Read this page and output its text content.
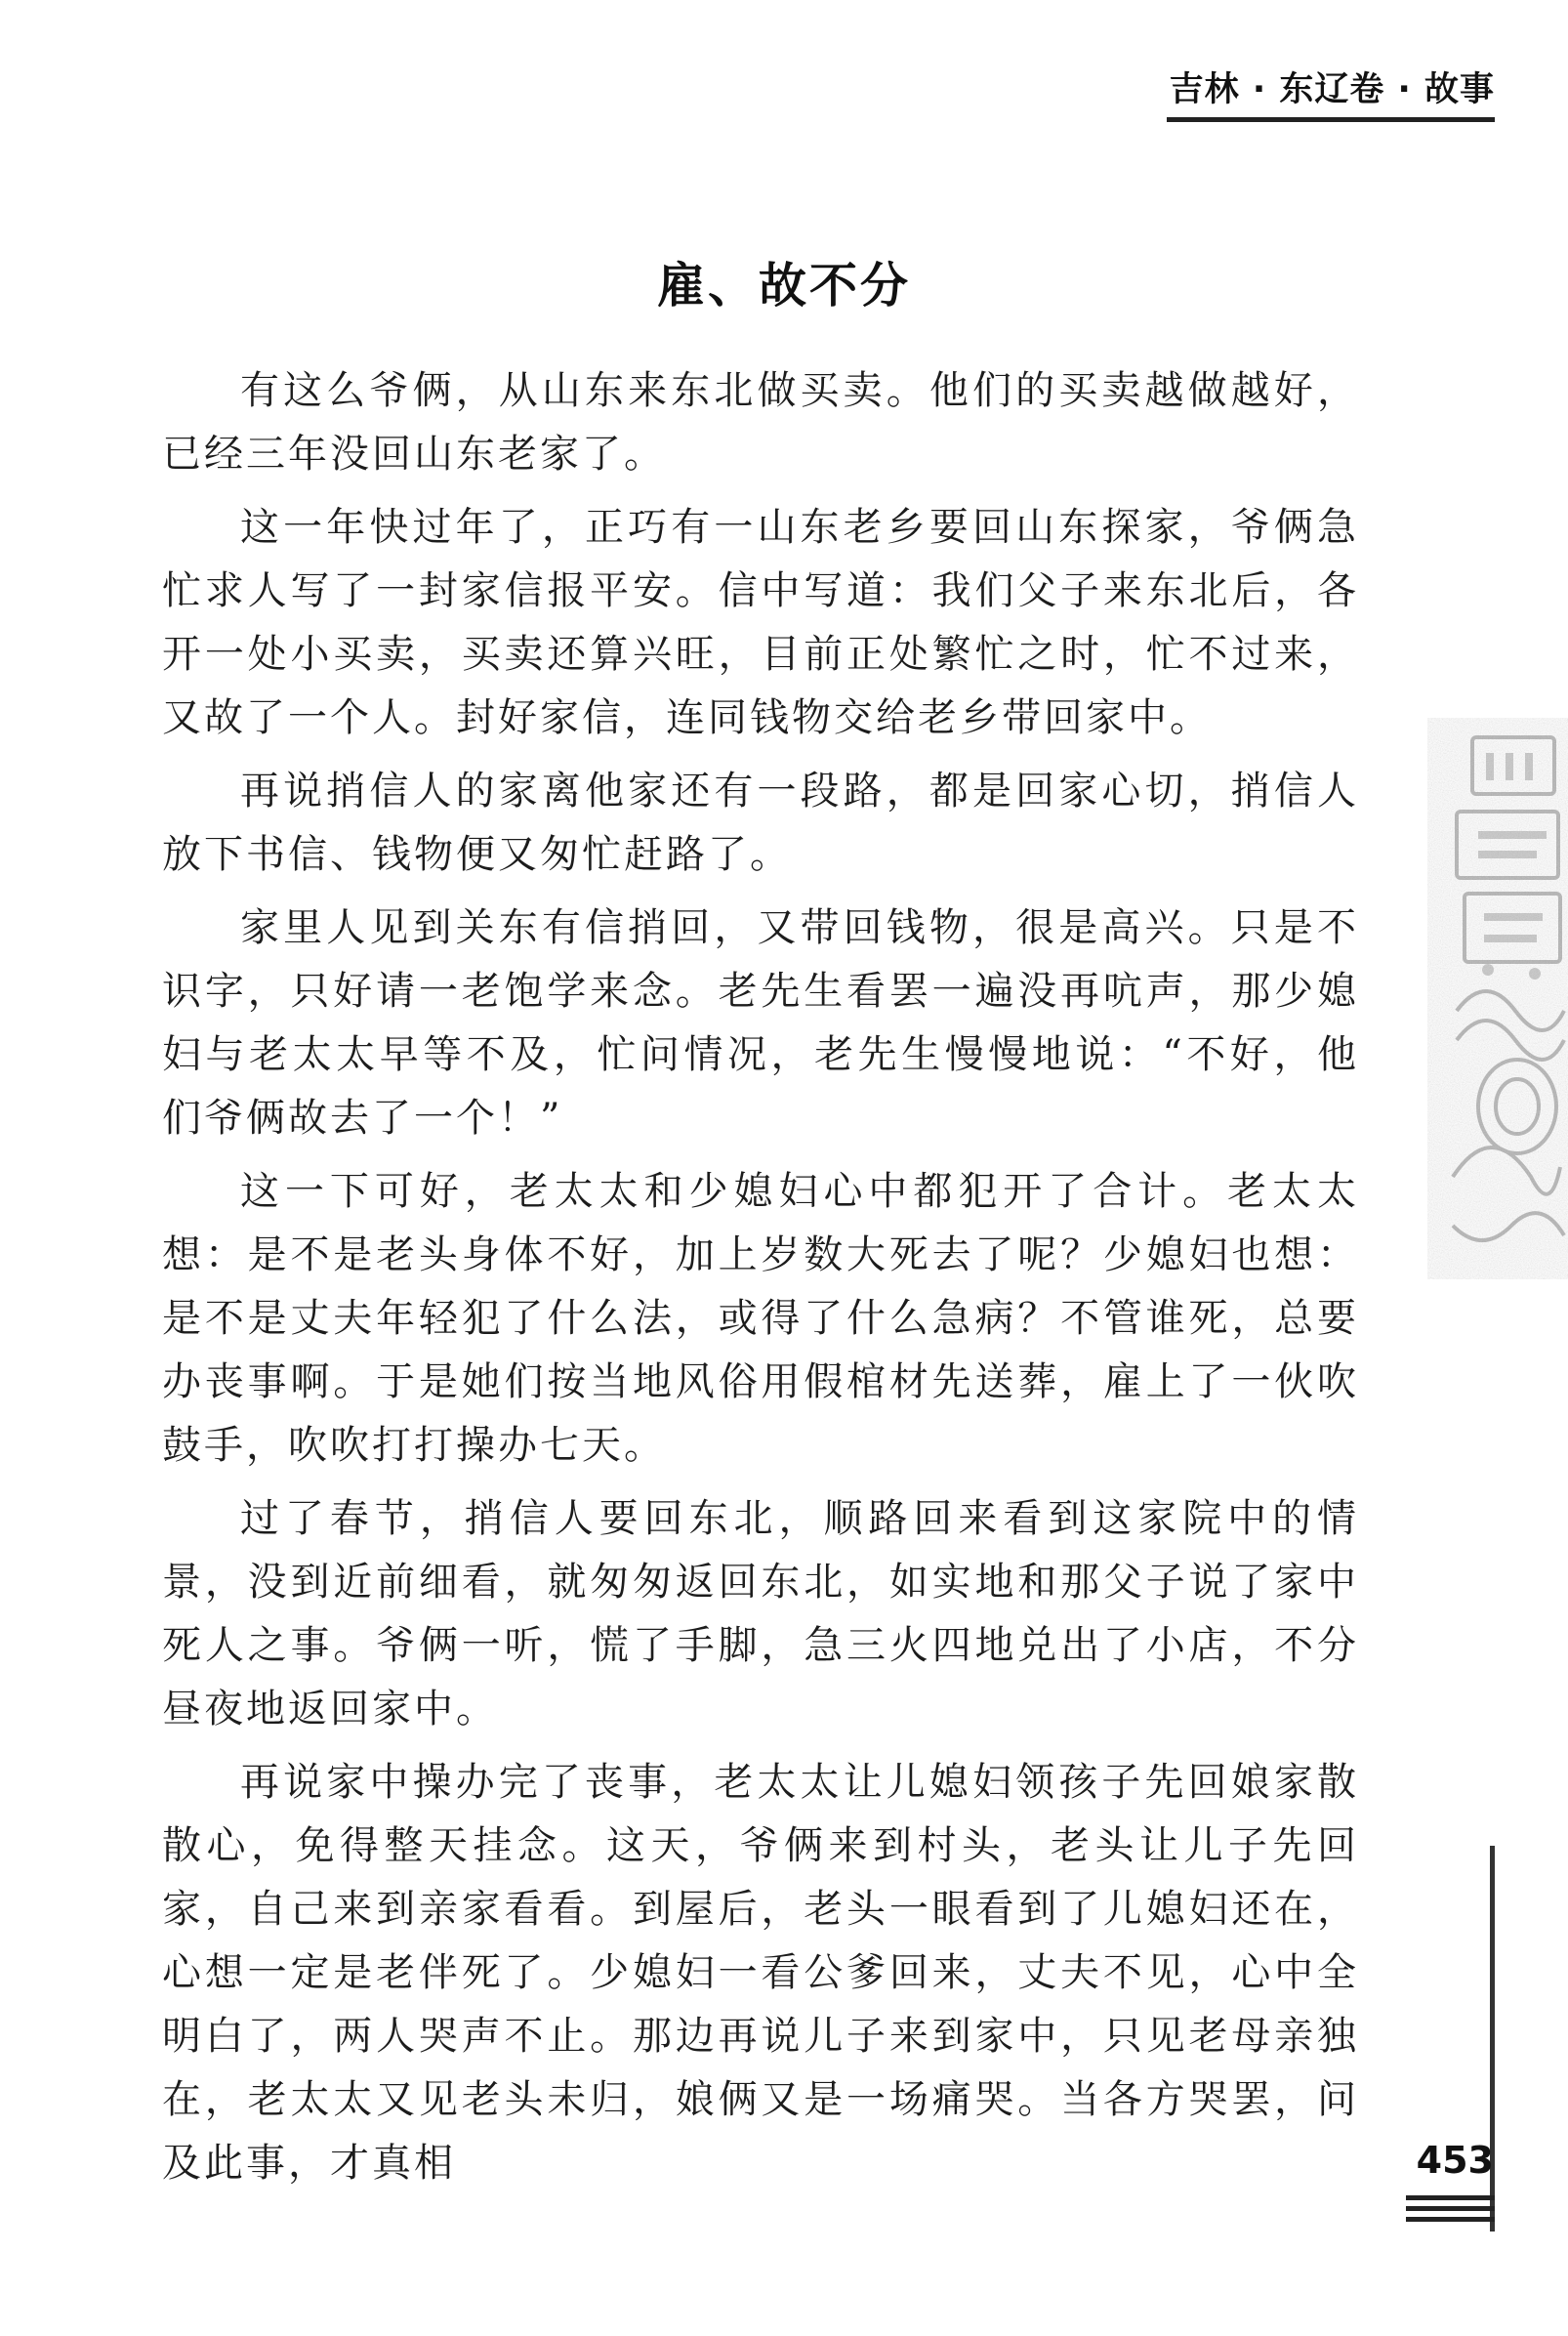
吉林 · 东辽卷 · 故事
雇、故不分

有这么爷俩，从山东来东北做买卖。他们的买卖越做越好，已经三年没回山东老家了。

这一年快过年了，正巧有一山东老乡要回山东探家，爷俩急忙求人写了一封家信报平安。信中写道：我们父子来东北后，各开一处小买卖，买卖还算兴旺，目前正处繁忙之时，忙不过来，又故了一个人。封好家信，连同钱物交给老乡带回家中。

再说捎信人的家离他家还有一段路，都是回家心切，捎信人放下书信、钱物便又匆忙赶路了。

家里人见到关东有信捎回，又带回钱物，很是高兴。只是不识字，只好请一老饱学来念。老先生看罢一遍没再吭声，那少媳妇与老太太早等不及，忙问情况，老先生慢慢地说：“不好，他们爷俩故去了一个！”

这一下可好，老太太和少媳妇心中都犯开了合计。老太太想：是不是老头身体不好，加上岁数大死去了呢？少媳妇也想：是不是丈夫年轻犯了什么法，或得了什么急病？不管谁死，总要办丧事啊。于是她们按当地风俗用假棺材先送葬，雇上了一伙吹鼓手，吹吹打打操办七天。

过了春节，捎信人要回东北，顺路回来看到这家院中的情景，没到近前细看，就匆匆返回东北，如实地和那父子说了家中死人之事。爷俩一听，慌了手脚，急三火四地兑出了小店，不分昼夜地返回家中。

再说家中操办完了丧事，老太太让儿媳妇领孩子先回娘家散散心，免得整天挂念。这天，爷俩来到村头，老头让儿子先回家，自己来到亲家看看。到屋后，老头一眼看到了儿媳妇还在，心想一定是老伴死了。少媳妇一看公爹回来，丈夫不见，心中全明白了，两人哭声不止。那边再说儿子来到家中，只见老母亲独在，老太太又见老头未归，娘俩又是一场痛哭。当各方哭罢，问及此事，才真相	453
